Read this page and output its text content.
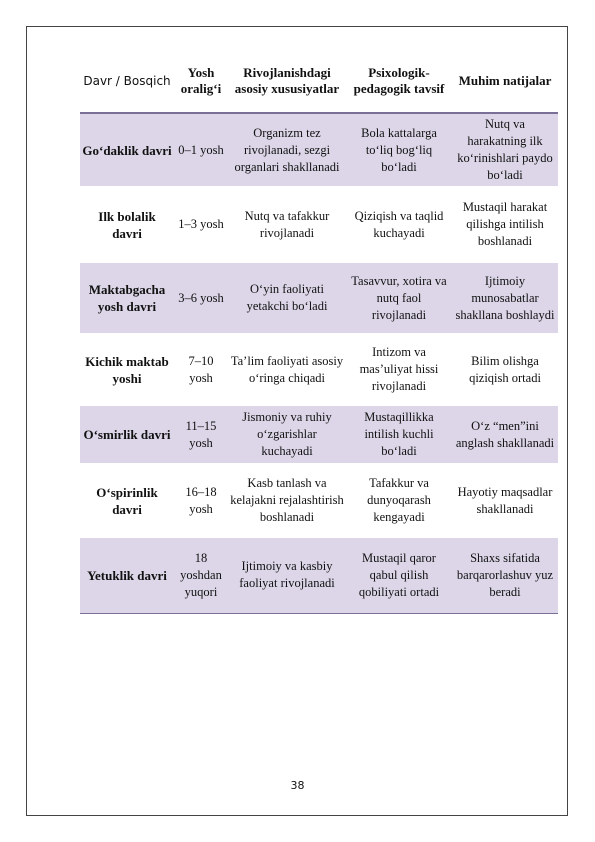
Davr / Bosqich	Yosh oralig‘i	Rivojlanishdagi asosiy xususiyatlar	Psixologik-pedagogik tavsif	Muhim natijalar
Go‘daklik davri	0–1 yosh	Organizm tez rivojlanadi, sezgi organlari shakllanadi	Bola kattalarga to‘liq bog‘liq bo‘ladi	Nutq va harakatning ilk ko‘rinishlari paydo bo‘ladi
Ilk bolalik davri	1–3 yosh	Nutq va tafakkur rivojlanadi	Qiziqish va taqlid kuchayadi	Mustaqil harakat qilishga intilish boshlanadi
Maktabgacha yosh davri	3–6 yosh	O‘yin faoliyati yetakchi bo‘ladi	Tasavvur, xotira va nutq faol rivojlanadi	Ijtimoiy munosabatlar shakllana boshlaydi
Kichik maktab yoshi	7–10 yosh	Ta’lim faoliyati asosiy o‘ringa chiqadi	Intizom va mas’uliyat hissi rivojlanadi	Bilim olishga qiziqish ortadi
O‘smirlik davri	11–15 yosh	Jismoniy va ruhiy o‘zgarishlar kuchayadi	Mustaqillikka intilish kuchli bo‘ladi	O‘z “men”ini anglash shakllanadi
O‘spirinlik davri	16–18 yosh	Kasb tanlash va kelajakni rejalashtirish boshlanadi	Tafakkur va dunyoqarash kengayadi	Hayotiy maqsadlar shakllanadi
Yetuklik davri	18 yoshdan yuqori	Ijtimoiy va kasbiy faoliyat rivojlanadi	Mustaqil qaror qabul qilish qobiliyati ortadi	Shaxs sifatida barqarorlashuv yuz beradi
38
